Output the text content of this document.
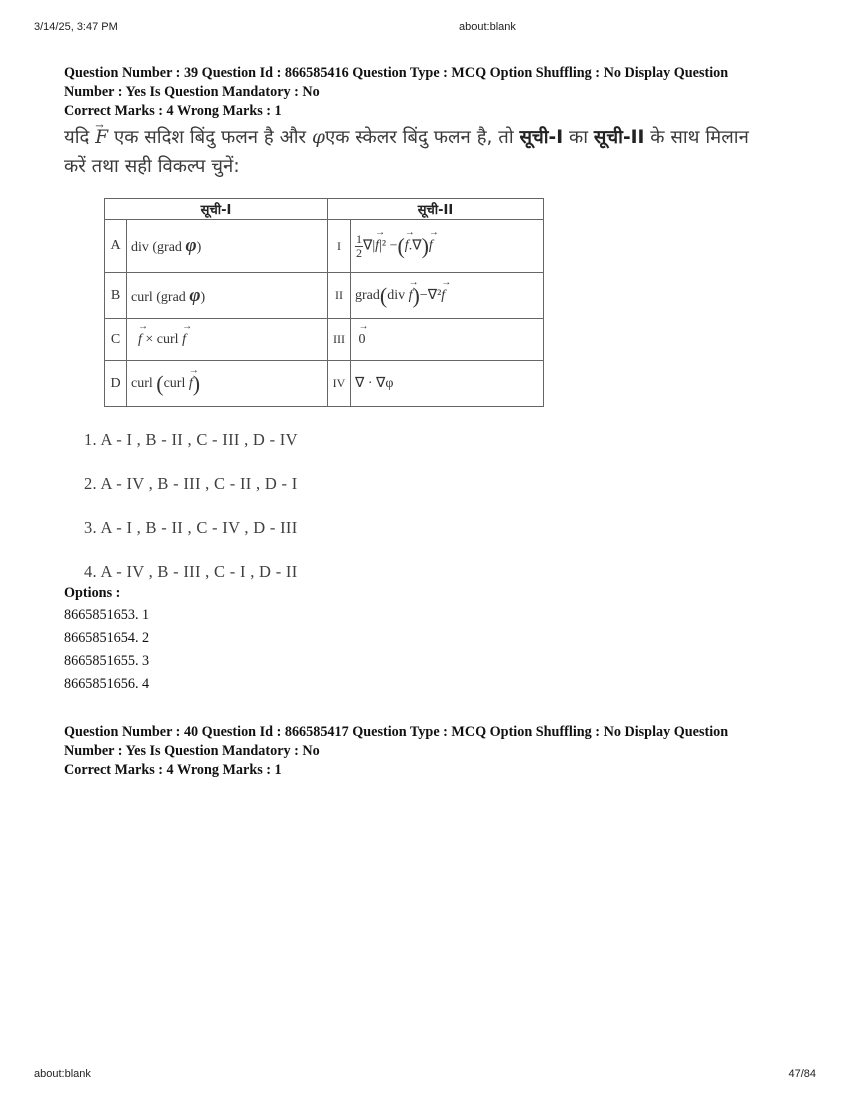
3/14/25, 3:47 PM	about:blank
Question Number : 39 Question Id : 866585416 Question Type : MCQ Option Shuffling : No Display Question
Number : Yes Is Question Mandatory : No
Correct Marks : 4 Wrong Marks : 1
यदि → F एक सदिश बिंदु फलन है और φएक स्केलर बिंदु फलन है, तो सूची-I का सूची-II के साथ मिलान
करें तथा सही विकल्प चुनें:
सूची-I		सूची-II	
A	div (grad φ)	I	$\frac{1}{2}$ ∇|→ f|² −(→ f.∇)→ f
B	curl (grad φ)	II	grad(div → f)−∇²→ f
C	→ f × curl → f	III	→ 0
D	curl (curl → f)	IV	∇ · ∇φ
1. A - I , B - II , C - III , D - IV
2. A - IV , B - III , C - II , D - I
3. A - I , B - II , C - IV , D - III
4. A - IV , B - III , C - I , D - II
Options :
8665851653. 1
8665851654. 2
8665851655. 3
8665851656. 4
Question Number : 40 Question Id : 866585417 Question Type : MCQ Option Shuffling : No Display Question
Number : Yes Is Question Mandatory : No
Correct Marks : 4 Wrong Marks : 1
about:blank	47/84
